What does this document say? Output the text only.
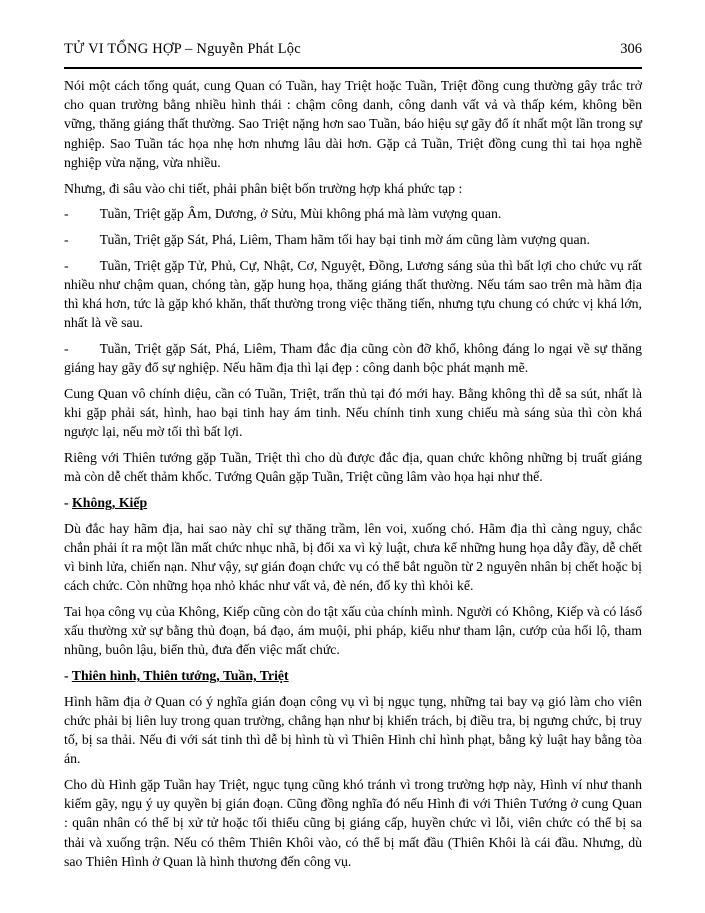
TỬ VI TỔNG HỢP – Nguyễn Phát Lộc	306

Nói một cách tổng quát, cung Quan có Tuần, hay Triệt hoặc Tuần, Triệt đồng cung thường gây trắc trở cho quan trường bằng nhiều hình thái : chậm công danh, công danh vất vả và thấp kém, không bền vững, thăng giáng thất thường. Sao Triệt nặng hơn sao Tuần, báo hiệu sự gãy đổ ít nhất một lần trong sự nghiệp. Sao Tuần tác họa nhẹ hơn nhưng lâu dài hơn. Gặp cả Tuần, Triệt đồng cung thì tai họa nghề nghiệp vừa nặng, vừa nhiều.

Nhưng, đi sâu vào chi tiết, phải phân biệt bốn trường hợp khá phức tạp :

- Tuần, Triệt gặp Âm, Dương, ở Sửu, Mùi không phá mà làm vượng quan.

- Tuần, Triệt gặp Sát, Phá, Liêm, Tham hãm tối hay bại tinh mờ ám cũng làm vượng quan.

- Tuần, Triệt gặp Tử, Phủ, Cự, Nhật, Cơ, Nguyệt, Đồng, Lương sáng sủa thì bất lợi cho chức vụ rất nhiều như chậm quan, chóng tàn, gặp hung họa, thăng giáng thất thường. Nếu tám sao trên mà hãm địa thì khá hơn, tức là gặp khó khăn, thất thường trong việc thăng tiến, nhưng tựu chung có chức vị khá lớn, nhất là về sau.

- Tuần, Triệt gặp Sát, Phá, Liêm, Tham đắc địa cũng còn đỡ khổ, không đáng lo ngại về sự thăng giáng hay gãy đổ sự nghiệp. Nếu hãm địa thì lại đẹp : công danh bộc phát mạnh mẽ.

Cung Quan vô chính diệu, cần có Tuần, Triệt, trấn thủ tại đó mới hay. Bằng không thì dễ sa sút, nhất là khi gặp phải sát, hình, hao bại tinh hay ám tinh. Nếu chính tinh xung chiếu mà sáng sủa thì còn khá ngược lại, nếu mờ tối thì bất lợi.

Riêng với Thiên tướng gặp Tuần, Triệt thì cho dù được đắc địa, quan chức không những bị truất giáng mà còn dễ chết thảm khốc. Tướng Quân gặp Tuần, Triệt cũng lâm vào họa hại như thế.

- Không, Kiếp

Dù đắc hay hãm địa, hai sao này chỉ sự thăng trầm, lên voi, xuống chó. Hãm địa thì càng nguy, chắc chắn phải ít ra một lần mất chức nhục nhã, bị đổi xa vì kỷ luật, chưa kể những hung họa dẫy đầy, dễ chết vì binh lửa, chiến nạn. Như vậy, sự gián đoạn chức vụ có thể bắt nguồn từ 2 nguyên nhân bị chết hoặc bị cách chức. Còn những họa nhỏ khác như vất vả, đè nén, đố ky thì khỏi kể.

Tai họa công vụ của Không, Kiếp cũng còn do tật xấu của chính mình. Người có Không, Kiếp và có lásố xấu thường xử sự bằng thủ đoạn, bá đạo, ám muội, phi pháp, kiểu như tham lận, cướp của hối lộ, tham nhũng, buôn lậu, biển thủ, đưa đến việc mất chức.

- Thiên hình, Thiên tướng, Tuần, Triệt

Hình hãm địa ở Quan có ý nghĩa gián đoạn công vụ vì bị ngục tụng, những tai bay vạ gió làm cho viên chức phải bị liên luy trong quan trường, chẳng hạn như bị khiển trách, bị điều tra, bị ngưng chức, bị truy tố, bị sa thải. Nếu đi với sát tinh thì dễ bị hình tù vì Thiên Hình chỉ hình phạt, bằng kỷ luật hay bằng tòa án.

Cho dù Hình gặp Tuần hay Triệt, ngục tụng cũng khó tránh vì trong trường hợp này, Hình ví như thanh kiếm gãy, ngụ ý uy quyền bị gián đoạn. Cũng đồng nghĩa đó nếu Hình đi với Thiên Tướng ở cung Quan : quân nhân có thể bị xử tử hoặc tối thiểu cũng bị giáng cấp, huyền chức vì lỗi, viên chức có thể bị sa thải và xuống trận. Nếu có thêm Thiên Khôi vào, có thể bị mất đầu (Thiên Khôi là cái đầu. Nhưng, dù sao Thiên Hình ở Quan là hình thương đến công vụ.
